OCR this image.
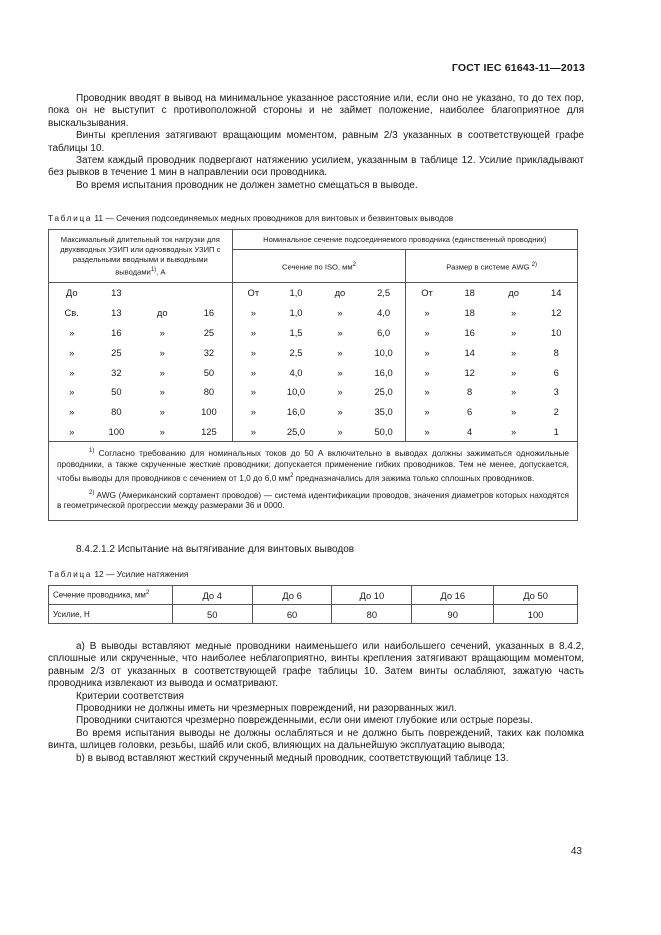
ГОСТ IEC 61643-11—2013

Проводник вводят в вывод на минимальное указанное расстояние или, если оно не указано, то до тех пор, пока он не выступит с противоположной стороны и не займет положение, наиболее благоприятное для выскальзывания.

Винты крепления затягивают вращающим моментом, равным 2/3 указанных в соответствующей графе таблицы 10.

Затем каждый проводник подвергают натяжению усилием, указанным в таблице 12. Усилие прикладывают без рывков в течение 1 мин в направлении оси проводника.

Во время испытания проводник не должен заметно смещаться в выводе.

Таблица 11 — Сечения подсоединяемых медных проводников для винтовых и безвинтовых выводов
Максимальный длительный ток нагрузки для двухвводных УЗИП или одновводных УЗИП с раздельными вводными и выводными выводами$^{1)}$, А				Номинальное сечение подсоединяемого проводника (единственный проводник)							
				Сечение по ISO, $мм^2$				Размер в системе AWG $^{2)}$
До	13			От	1,0	до	2,5	От	18	до	14
Св.	13	до	16	»	1,0	»	4,0	»	18	»	12
»	16	»	25	»	1,5	»	6,0	»	16	»	10
»	25	»	32	»	2,5	»	10,0	»	14	»	8
»	32	»	50	»	4,0	»	16,0	»	12	»	6
»	50	»	80	»	10,0	»	25,0	»	8	»	3
»	80	»	100	»	16,0	»	35,0	»	6	»	2
»	100	»	125	»	25,0	»	50,0	»	4	»	1

$^{1)}$ Согласно требованию для номинальных токов до 50 А включительно в выводах должны зажиматься одножильные проводники, а также скрученные жесткие проводники; допускается применение гибких проводников. Тем не менее, допускается, чтобы выводы для проводников с сечением от 1,0 до 6,0 $мм^2$ предназначались для зажима только сплошных проводников.

$^{2)}$ AWG (Американский сортамент проводов) — система идентификации проводов, значения диаметров которых находятся в геометрической прогрессии между размерами 36 и 0000.											

8.4.2.1.2 Испытание на вытягивание для винтовых выводов
Таблица 12 — Усилие натяжения
Сечение проводника, $мм^2$	До 4	До 6	До 10	До 16	До 50
Усилие, Н	50	60	80	90	100

а) В выводы вставляют медные проводники наименьшего или наибольшего сечений, указанных в 8.4.2, сплошные или скрученные, что наиболее неблагоприятно, винты крепления затягивают вращающим моментом, равным 2/3 от указанных в соответствующей графе таблицы 10. Затем винты ослабляют, зажатую часть проводника извлекают из вывода и осматривают.

Критерии соответствия

Проводники не должны иметь ни чрезмерных повреждений, ни разорванных жил.

Проводники считаются чрезмерно поврежденными, если они имеют глубокие или острые порезы.

Во время испытания выводы не должны ослабляться и не должно быть повреждений, таких как поломка винта, шлицев головки, резьбы, шайб или скоб, влияющих на дальнейшую эксплуатацию вывода;

b) в вывод вставляют жесткий скрученный медный проводник, соответствующий таблице 13.

43
